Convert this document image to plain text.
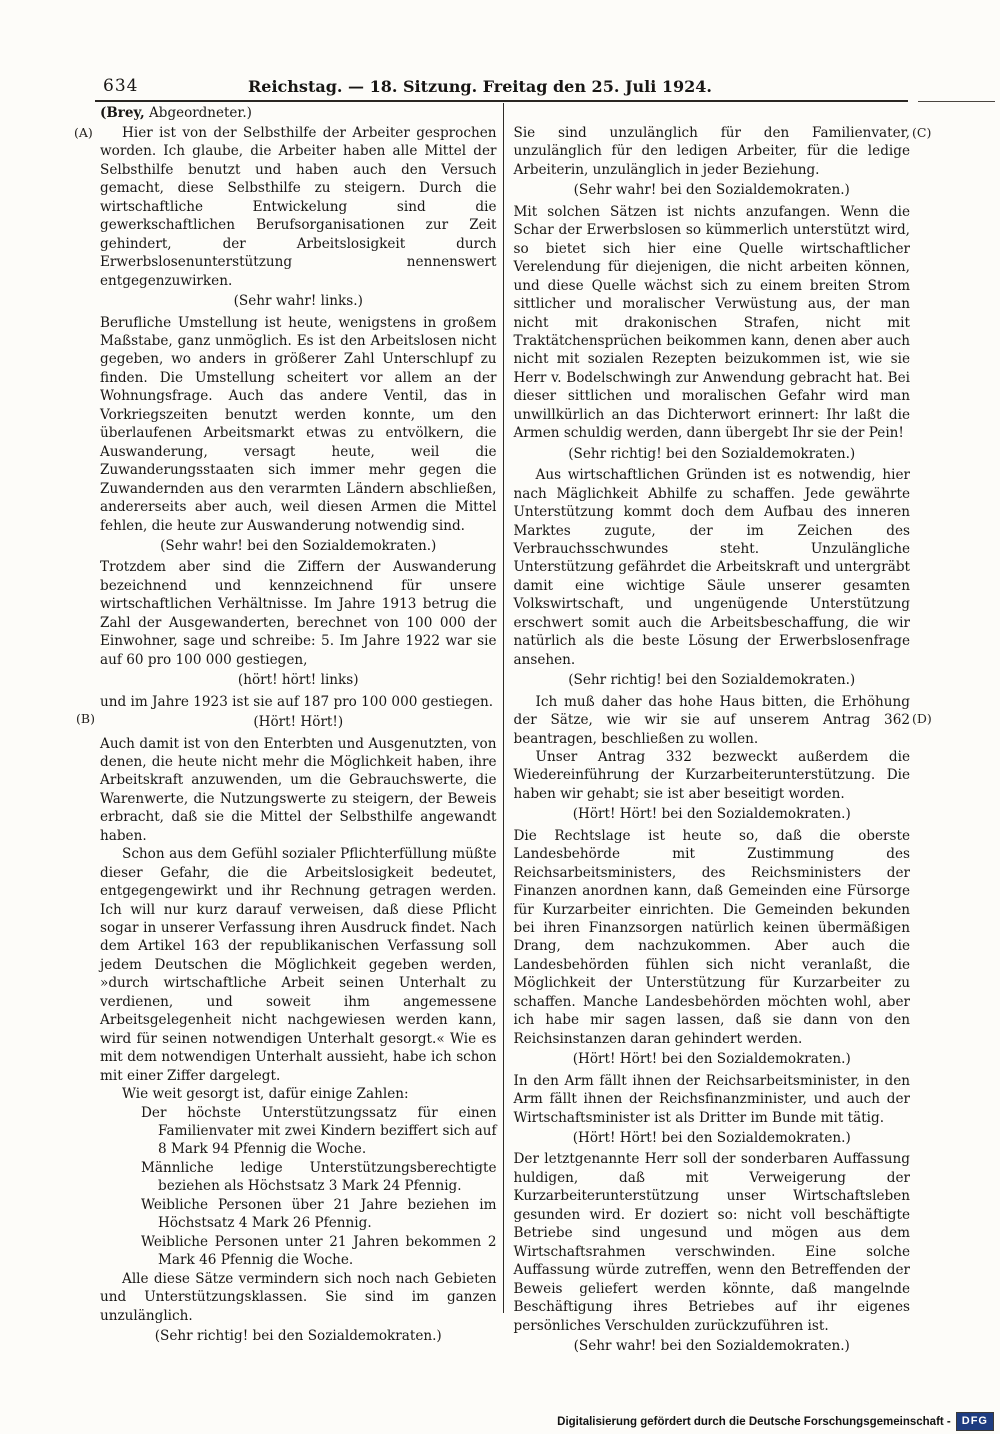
634	Reichstag. — 18. Sitzung. Freitag den 25. Juli 1924.
(Brey, Abgeordneter.)
(A)
(B)
(C)
(D)
Hier ist von der Selbsthilfe der Arbeiter gesprochen worden. Ich glaube, die Arbeiter haben alle Mittel der Selbsthilfe benutzt und haben auch den Versuch gemacht, diese Selbsthilfe zu steigern. Durch die wirtschaftliche Entwickelung sind die gewerkschaftlichen Berufsorganisationen zur Zeit gehindert, der Arbeitslosigkeit durch Erwerbslosenunterstützung nennenswert entgegenzuwirken.
(Sehr wahr! links.)
Berufliche Umstellung ist heute, wenigstens in großem Maßstabe, ganz unmöglich. Es ist den Arbeitslosen nicht gegeben, wo anders in größerer Zahl Unterschlupf zu finden. Die Umstellung scheitert vor allem an der Wohnungsfrage. Auch das andere Ventil, das in Vorkriegszeiten benutzt werden konnte, um den überlaufenen Arbeitsmarkt etwas zu entvölkern, die Auswanderung, versagt heute, weil die Zuwanderungsstaaten sich immer mehr gegen die Zuwandernden aus den verarmten Ländern abschließen, andererseits aber auch, weil diesen Armen die Mittel fehlen, die heute zur Auswanderung notwendig sind.
(Sehr wahr! bei den Sozialdemokraten.)
Trotzdem aber sind die Ziffern der Auswanderung bezeichnend und kennzeichnend für unsere wirtschaftlichen Verhältnisse. Im Jahre 1913 betrug die Zahl der Ausgewanderten, berechnet von 100 000 der Einwohner, sage und schreibe: 5. Im Jahre 1922 war sie auf 60 pro 100 000 gestiegen,
(hört! hört! links)
und im Jahre 1923 ist sie auf 187 pro 100 000 gestiegen.
(Hört! Hört!)
Auch damit ist von den Enterbten und Ausgenutzten, von denen, die heute nicht mehr die Möglichkeit haben, ihre Arbeitskraft anzuwenden, um die Gebrauchswerte, die Warenwerte, die Nutzungswerte zu steigern, der Beweis erbracht, daß sie die Mittel der Selbsthilfe angewandt haben.
Schon aus dem Gefühl sozialer Pflichterfüllung müßte dieser Gefahr, die die Arbeitslosigkeit bedeutet, entgegengewirkt und ihr Rechnung getragen werden. Ich will nur kurz darauf verweisen, daß diese Pflicht sogar in unserer Verfassung ihren Ausdruck findet. Nach dem Artikel 163 der republikanischen Verfassung soll jedem Deutschen die Möglichkeit gegeben werden, »durch wirtschaftliche Arbeit seinen Unterhalt zu verdienen, und soweit ihm angemessene Arbeitsgelegenheit nicht nachgewiesen werden kann, wird für seinen notwendigen Unterhalt gesorgt.« Wie es mit dem notwendigen Unterhalt aussieht, habe ich schon mit einer Ziffer dargelegt.
Wie weit gesorgt ist, dafür einige Zahlen:
Der höchste Unterstützungssatz für einen Familienvater mit zwei Kindern beziffert sich auf 8 Mark 94 Pfennig die Woche.
Männliche ledige Unterstützungsberechtigte beziehen als Höchstsatz 3 Mark 24 Pfennig.
Weibliche Personen über 21 Jahre beziehen im Höchstsatz 4 Mark 26 Pfennig.
Weibliche Personen unter 21 Jahren bekommen 2 Mark 46 Pfennig die Woche.
Alle diese Sätze vermindern sich noch nach Gebieten und Unterstützungsklassen. Sie sind im ganzen unzulänglich.
(Sehr richtig! bei den Sozialdemokraten.)
Sie sind unzulänglich für den Familienvater, unzulänglich für den ledigen Arbeiter, für die ledige Arbeiterin, unzulänglich in jeder Beziehung.
(Sehr wahr! bei den Sozialdemokraten.)
Mit solchen Sätzen ist nichts anzufangen. Wenn die Schar der Erwerbslosen so kümmerlich unterstützt wird, so bietet sich hier eine Quelle wirtschaftlicher Verelendung für diejenigen, die nicht arbeiten können, und diese Quelle wächst sich zu einem breiten Strom sittlicher und moralischer Verwüstung aus, der man nicht mit drakonischen Strafen, nicht mit Traktätchensprüchen beikommen kann, denen aber auch nicht mit sozialen Rezepten beizukommen ist, wie sie Herr v. Bodelschwingh zur Anwendung gebracht hat. Bei dieser sittlichen und moralischen Gefahr wird man unwillkürlich an das Dichterwort erinnert: Ihr laßt die Armen schuldig werden, dann übergebt Ihr sie der Pein!
(Sehr richtig! bei den Sozialdemokraten.)
Aus wirtschaftlichen Gründen ist es notwendig, hier nach Mäglichkeit Abhilfe zu schaffen. Jede gewährte Unterstützung kommt doch dem Aufbau des inneren Marktes zugute, der im Zeichen des Verbrauchsschwundes steht. Unzulängliche Unterstützung gefährdet die Arbeitskraft und untergräbt damit eine wichtige Säule unserer gesamten Volkswirtschaft, und ungenügende Unterstützung erschwert somit auch die Arbeitsbeschaffung, die wir natürlich als die beste Lösung der Erwerbslosenfrage ansehen.
(Sehr richtig! bei den Sozialdemokraten.)
Ich muß daher das hohe Haus bitten, die Erhöhung der Sätze, wie wir sie auf unserem Antrag 362 beantragen, beschließen zu wollen.
Unser Antrag 332 bezweckt außerdem die Wiedereinführung der Kurzarbeiterunterstützung. Die haben wir gehabt; sie ist aber beseitigt worden.
(Hört! Hört! bei den Sozialdemokraten.)
Die Rechtslage ist heute so, daß die oberste Landesbehörde mit Zustimmung des Reichsarbeitsministers, des Reichsministers der Finanzen anordnen kann, daß Gemeinden eine Fürsorge für Kurzarbeiter einrichten. Die Gemeinden bekunden bei ihren Finanzsorgen natürlich keinen übermäßigen Drang, dem nachzukommen. Aber auch die Landesbehörden fühlen sich nicht veranlaßt, die Möglichkeit der Unterstützung für Kurzarbeiter zu schaffen. Manche Landesbehörden möchten wohl, aber ich habe mir sagen lassen, daß sie dann von den Reichsinstanzen daran gehindert werden.
(Hört! Hört! bei den Sozialdemokraten.)
In den Arm fällt ihnen der Reichsarbeitsminister, in den Arm fällt ihnen der Reichsfinanzminister, und auch der Wirtschaftsminister ist als Dritter im Bunde mit tätig.
(Hört! Hört! bei den Sozialdemokraten.)
Der letztgenannte Herr soll der sonderbaren Auffassung huldigen, daß mit Verweigerung der Kurzarbeiterunterstützung unser Wirtschaftsleben gesunden wird. Er doziert so: nicht voll beschäftigte Betriebe sind ungesund und mögen aus dem Wirtschaftsrahmen verschwinden. Eine solche Auffassung würde zutreffen, wenn den Betreffenden der Beweis geliefert werden könnte, daß mangelnde Beschäftigung ihres Betriebes auf ihr eigenes persönliches Verschulden zurückzuführen ist.
(Sehr wahr! bei den Sozialdemokraten.)
Digitalisierung gefördert durch die Deutsche Forschungsgemeinschaft -	DFG
